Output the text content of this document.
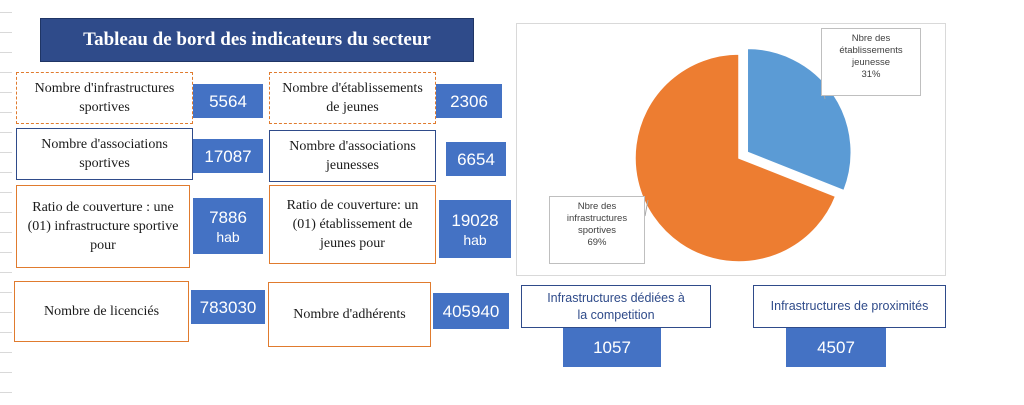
Tableau de bord des indicateurs du secteur
Nombre d'infrastructures sportives	5564
Nombre d'établissements de jeunes	2306
Nombre d'associations sportives	17087	Nombre d'associations jeunesses	6654
Ratio de couverture : une (01) infrastructure sportive pour
7886
hab
Ratio de couverture: un (01) établissement de jeunes pour
19028
hab
Nombre de licenciés	783030	Nombre d'adhérents	405940
Nbre des
établissements
jeunesse
31%
Nbre des
infrastructures
sportives
69%
Infrastructures dédiées à la competition
1057
Infrastructures de proximités
4507
